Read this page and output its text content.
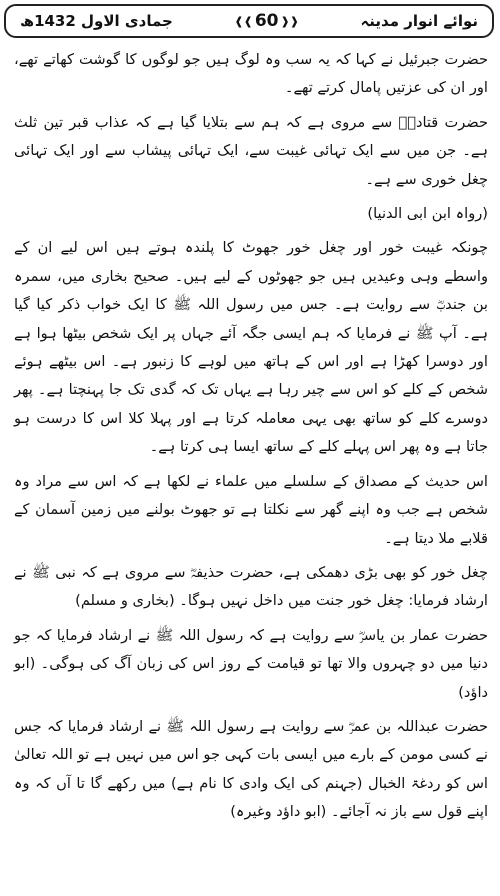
جمادی الاول 1432ھ	❰❰ 60 ❱❱	نوائے انوار مدینہ

حضرت جبرئیل نے کہا کہ یہ سب وہ لوگ ہیں جو لوگوں کا گوشت کھاتے تھے، اور ان کی عزتیں پامال کرتے تھے۔

حضرت قتادہؓ سے مروی ہے کہ ہم سے بتلایا گیا ہے کہ عذاب قبر تین ثلث ہے۔ جن میں سے ایک تہائی غیبت سے، ایک تہائی پیشاب سے اور ایک تہائی چغل خوری سے ہے۔

(رواہ ابن ابی الدنیا)

چونکہ غیبت خور اور چغل خور جھوٹ کا پلندہ ہوتے ہیں اس لیے ان کے واسطے وہی وعیدیں ہیں جو جھوٹوں کے لیے ہیں۔ صحیح بخاری میں، سمرہ بن جندبؓ سے روایت ہے۔ جس میں رسول اللہ ﷺ کا ایک خواب ذکر کیا گیا ہے۔ آپ ﷺ نے فرمایا کہ ہم ایسی جگہ آئے جہاں پر ایک شخص بیٹھا ہوا ہے اور دوسرا کھڑا ہے اور اس کے ہاتھ میں لوہے کا زنبور ہے۔ اس بیٹھے ہوئے شخص کے کلے کو اس سے چیر رہا ہے یہاں تک کہ گدی تک جا پہنچتا ہے۔ پھر دوسرے کلے کو ساتھ بھی یہی معاملہ کرتا ہے اور پہلا کلا اس کا درست ہو جاتا ہے وہ پھر اس پہلے کلے کے ساتھ ایسا ہی کرتا ہے۔

اس حدیث کے مصداق کے سلسلے میں علماء نے لکھا ہے کہ اس سے مراد وہ شخص ہے جب وہ اپنے گھر سے نکلتا ہے تو جھوٹ بولنے میں زمین آسمان کے قلابے ملا دیتا ہے۔

چغل خور کو بھی بڑی دھمکی ہے، حضرت حذیفہؓ سے مروی ہے کہ نبی ﷺ نے ارشاد فرمایا: چغل خور جنت میں داخل نہیں ہوگا۔ (بخاری و مسلم)

حضرت عمار بن یاسرؓ سے روایت ہے کہ رسول اللہ ﷺ نے ارشاد فرمایا کہ جو دنیا میں دو چہروں والا تھا تو قیامت کے روز اس کی زبان آگ کی ہوگی۔ (ابو داؤد)

حضرت عبداللہ بن عمرؓ سے روایت ہے رسول اللہ ﷺ نے ارشاد فرمایا کہ جس نے کسی مومن کے بارے میں ایسی بات کہی جو اس میں نہیں ہے تو اللہ تعالیٰ اس کو ردغۃ الخبال (جہنم کی ایک وادی کا نام ہے) میں رکھے گا تا آں کہ وہ اپنے قول سے باز نہ آجائے۔ (ابو داؤد وغیرہ)
